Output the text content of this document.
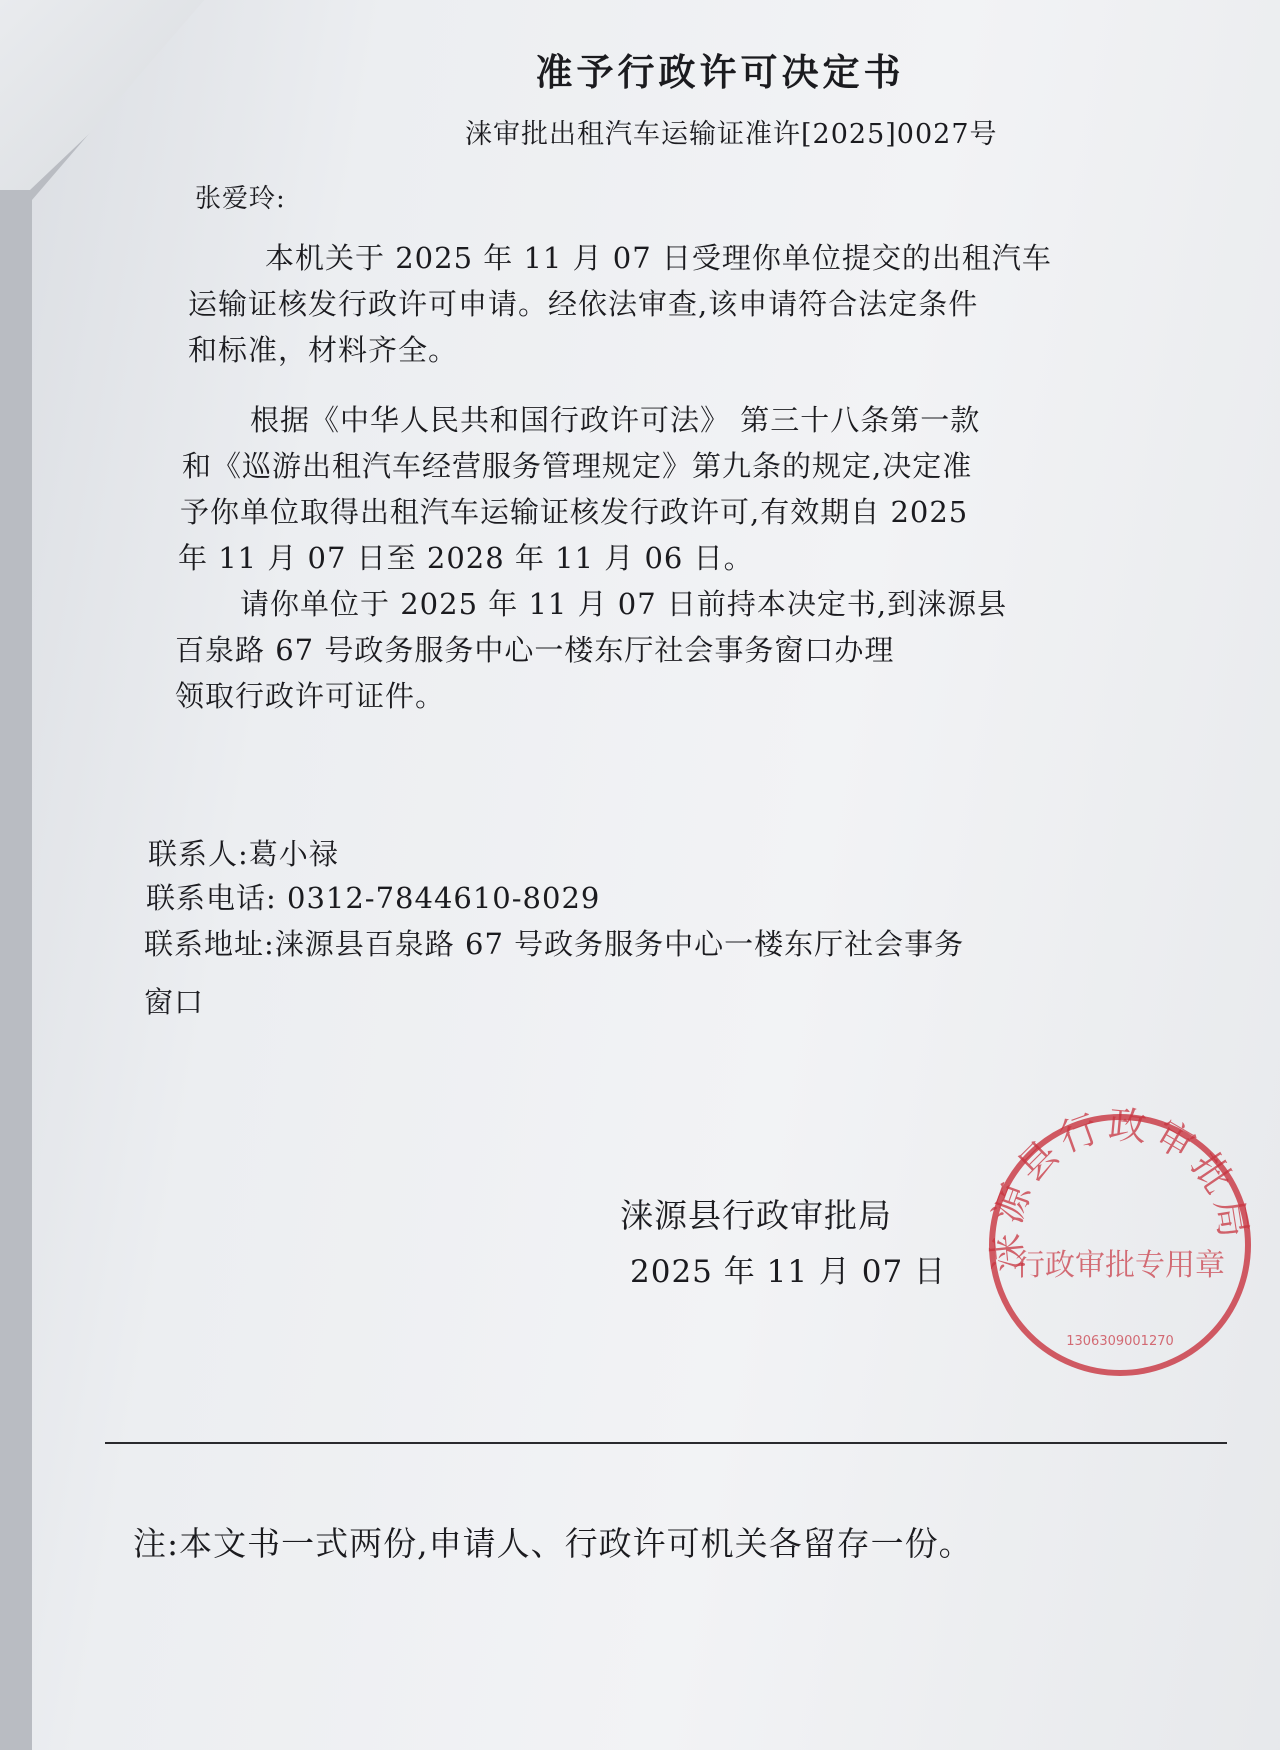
准予行政许可决定书
涞审批出租汽车运输证准许[2025]0027号
张爱玲:
本机关于 2025 年 11 月 07 日受理你单位提交的出租汽车
运输证核发行政许可申请。经依法审查,该申请符合法定条件
和标准，材料齐全。
根据《中华人民共和国行政许可法》 第三十八条第一款
和《巡游出租汽车经营服务管理规定》第九条的规定,决定准
予你单位取得出租汽车运输证核发行政许可,有效期自 2025
年 11 月 07 日至 2028 年 11 月 06 日。
请你单位于 2025 年 11 月 07 日前持本决定书,到涞源县
百泉路 67 号政务服务中心一楼东厅社会事务窗口办理
领取行政许可证件。
联系人:葛小禄
联系电话: 0312-7844610-8029
联系地址:涞源县百泉路 67 号政务服务中心一楼东厅社会事务
窗口
涞源县行政审批局
2025 年 11 月 07 日 涞源县行政审批局
行政审批专用章
1306309001270
注:本文书一式两份,申请人、行政许可机关各留存一份。
